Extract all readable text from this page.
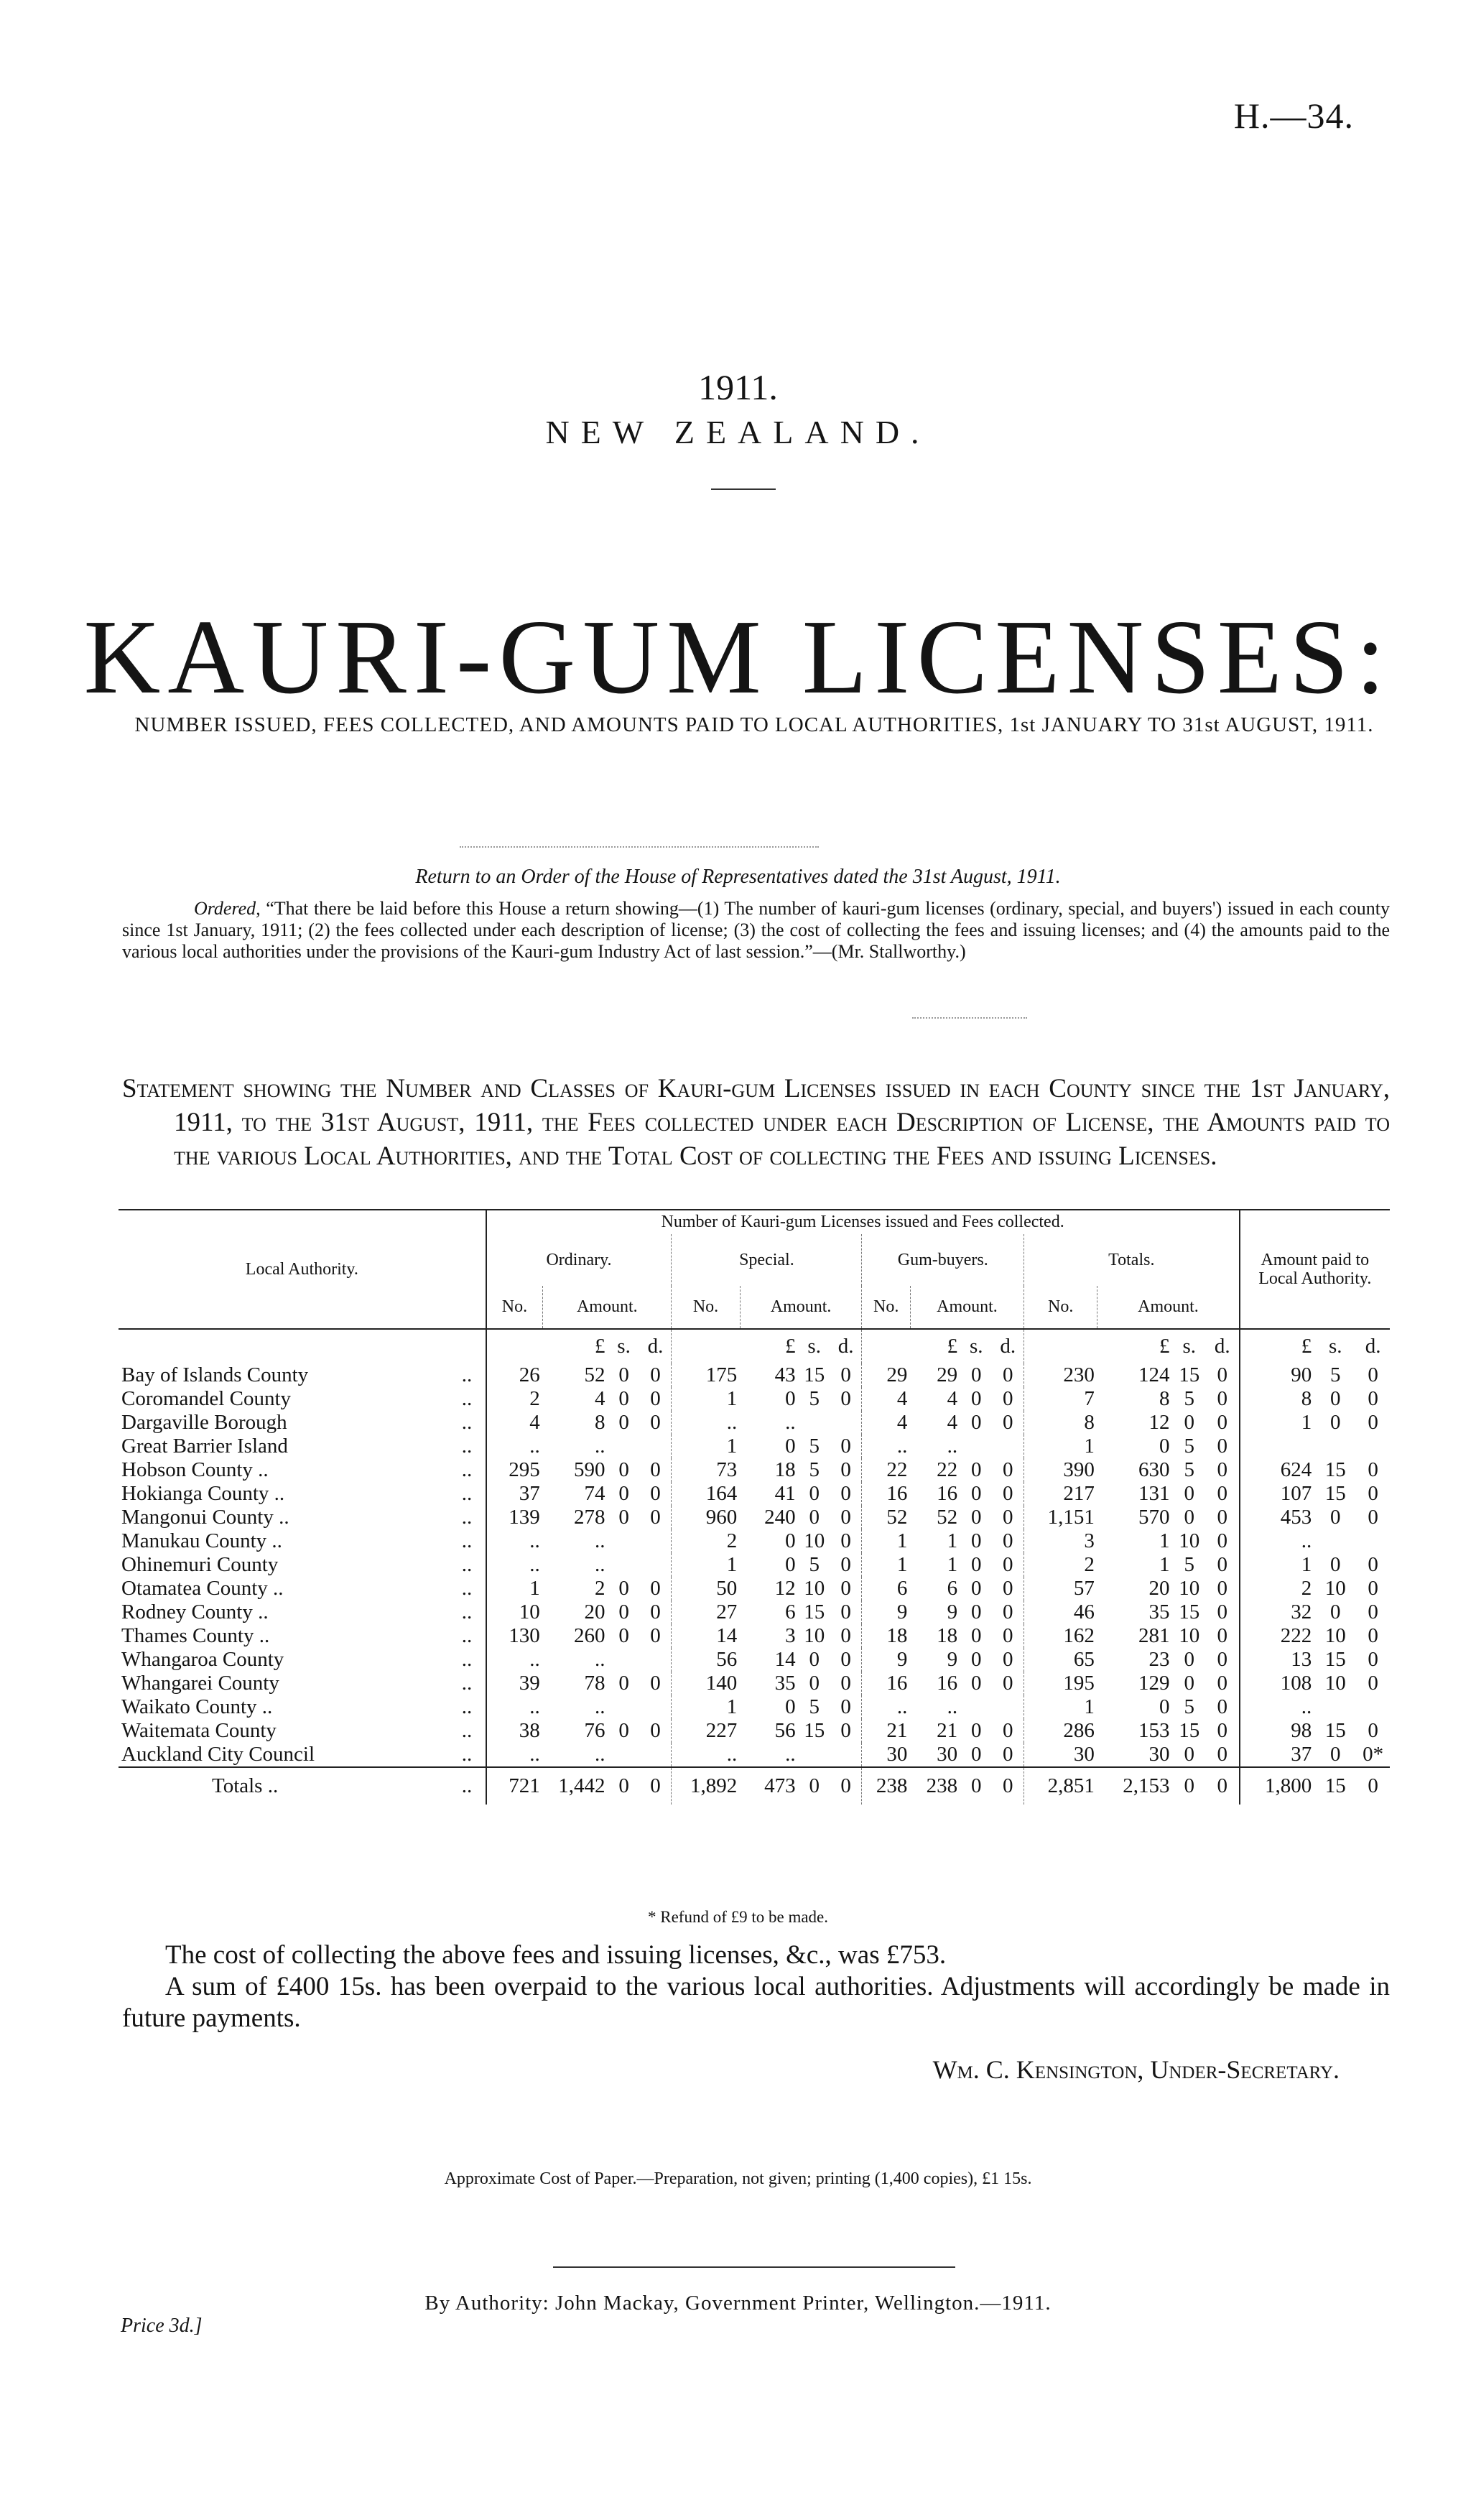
H.—34.
1911.
NEW ZEALAND.
KAURI-GUM LICENSES:
NUMBER ISSUED, FEES COLLECTED, AND AMOUNTS PAID TO LOCAL AUTHORITIES, 1st JANUARY TO 31st AUGUST, 1911.
Return to an Order of the House of Representatives dated the 31st August, 1911.
Ordered, “That there be laid before this House a return showing—(1) The number of kauri-gum licenses (ordinary, special, and buyers') issued in each county since 1st January, 1911; (2) the fees collected under each description of license; (3) the cost of collecting the fees and issuing licenses; and (4) the amounts paid to the various local authorities under the provisions of the Kauri-gum Industry Act of last session.”—(Mr. Stallworthy.)

Statement showing the Number and Classes of Kauri-gum Licenses issued in each County since the 1st January, 1911, to the 31st August, 1911, the Fees collected under each Description of License, the Amounts paid to the various Local Authorities, and the Total Cost of collecting the Fees and issuing Licenses.

Local Authority.		Number of Kauri-gum Licenses issued and Fees collected.																Amount paid to Local Authority.		
		Ordinary.				Special.				Gum-buyers.				Totals.						
		No.	Amount.			No.	Amount.			No.	Amount.			No.	Amount.					
			£	s.	d.		£	s.	d.		£	s.	d.		£	s.	d.	£	s.	d.
Bay of Islands County	..	26	52	0	0	175	43	15	0	29	29	0	0	230	124	15	0	90	5	0
Coromandel County	..	2	4	0	0	1	0	5	0	4	4	0	0	7	8	5	0	8	0	0
Dargaville Borough	..	4	8	0	0	..	..			4	4	0	0	8	12	0	0	1	0	0
Great Barrier Island	..	..	..			1	0	5	0	..	..			1	0	5	0			
Hobson County ..	..	295	590	0	0	73	18	5	0	22	22	0	0	390	630	5	0	624	15	0
Hokianga County ..	..	37	74	0	0	164	41	0	0	16	16	0	0	217	131	0	0	107	15	0
Mangonui County ..	..	139	278	0	0	960	240	0	0	52	52	0	0	1,151	570	0	0	453	0	0
Manukau County ..	..	..	..			2	0	10	0	1	1	0	0	3	1	10	0	..		
Ohinemuri County	..	..	..			1	0	5	0	1	1	0	0	2	1	5	0	1	0	0
Otamatea County ..	..	1	2	0	0	50	12	10	0	6	6	0	0	57	20	10	0	2	10	0
Rodney County ..	..	10	20	0	0	27	6	15	0	9	9	0	0	46	35	15	0	32	0	0
Thames County ..	..	130	260	0	0	14	3	10	0	18	18	0	0	162	281	10	0	222	10	0
Whangaroa County	..	..	..			56	14	0	0	9	9	0	0	65	23	0	0	13	15	0
Whangarei County	..	39	78	0	0	140	35	0	0	16	16	0	0	195	129	0	0	108	10	0
Waikato County ..	..	..	..			1	0	5	0	..	..			1	0	5	0	..		
Waitemata County	..	38	76	0	0	227	56	15	0	21	21	0	0	286	153	15	0	98	15	0
Auckland City Council	..	..	..			..	..			30	30	0	0	30	30	0	0	37	0	0*
Totals ..	..	721	1,442	0	0	1,892	473	0	0	238	238	0	0	2,851	2,153	0	0	1,800	15	0
* Refund of £9 to be made.

The cost of collecting the above fees and issuing licenses, &c., was £753.

A sum of £400 15s. has been overpaid to the various local authorities. Adjustments will accordingly be made in future payments.

Wm. C. Kensington, Under-Secretary.
Approximate Cost of Paper.—Preparation, not given; printing (1,400 copies), £1 15s.
By Authority: John Mackay, Government Printer, Wellington.—1911.
Price 3d.]
